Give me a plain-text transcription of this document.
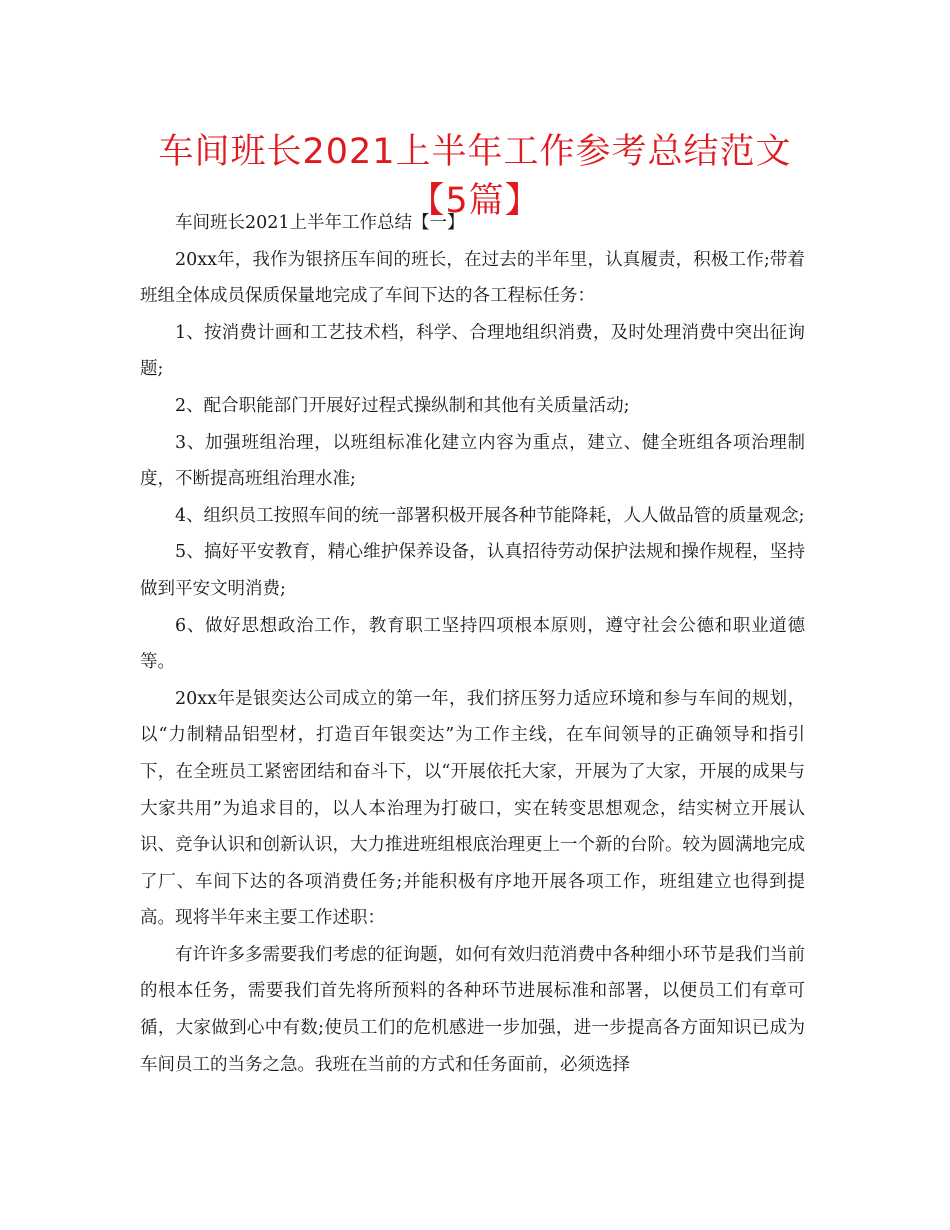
车间班长2021上半年工作参考总结范文【5篇】

车间班长2021上半年工作总结【一】

20xx年，我作为银挤压车间的班长，在过去的半年里，认真履责，积极工作;带着班组全体成员保质保量地完成了车间下达的各工程标任务：

1、按消费计画和工艺技术档，科学、合理地组织消费，及时处理消费中突出征询题;

2、配合职能部门开展好过程式操纵制和其他有关质量活动;

3、加强班组治理，以班组标准化建立内容为重点，建立、健全班组各项治理制度，不断提高班组治理水准;

4、组织员工按照车间的统一部署积极开展各种节能降耗，人人做品管的质量观念;

5、搞好平安教育，精心维护保养设备，认真招待劳动保护法规和操作规程，坚持做到平安文明消费;

6、做好思想政治工作，教育职工坚持四项根本原则，遵守社会公德和职业道德等。

20xx年是银奕达公司成立的第一年，我们挤压努力适应环境和参与车间的规划，以“力制精品铝型材，打造百年银奕达”为工作主线，在车间领导的正确领导和指引下，在全班员工紧密团结和奋斗下，以“开展依托大家，开展为了大家，开展的成果与大家共用”为追求目的，以人本治理为打破口，实在转变思想观念，结实树立开展认识、竞争认识和创新认识，大力推进班组根底治理更上一个新的台阶。较为圆满地完成了厂、车间下达的各项消费任务;并能积极有序地开展各项工作，班组建立也得到提高。现将半年来主要工作述职：

有许许多多需要我们考虑的征询题，如何有效归范消费中各种细小环节是我们当前的根本任务，需要我们首先将所预料的各种环节进展标准和部署，以便员工们有章可循，大家做到心中有数;使员工们的危机感进一步加强，进一步提高各方面知识已成为车间员工的当务之急。我班在当前的方式和任务面前，必须选择
